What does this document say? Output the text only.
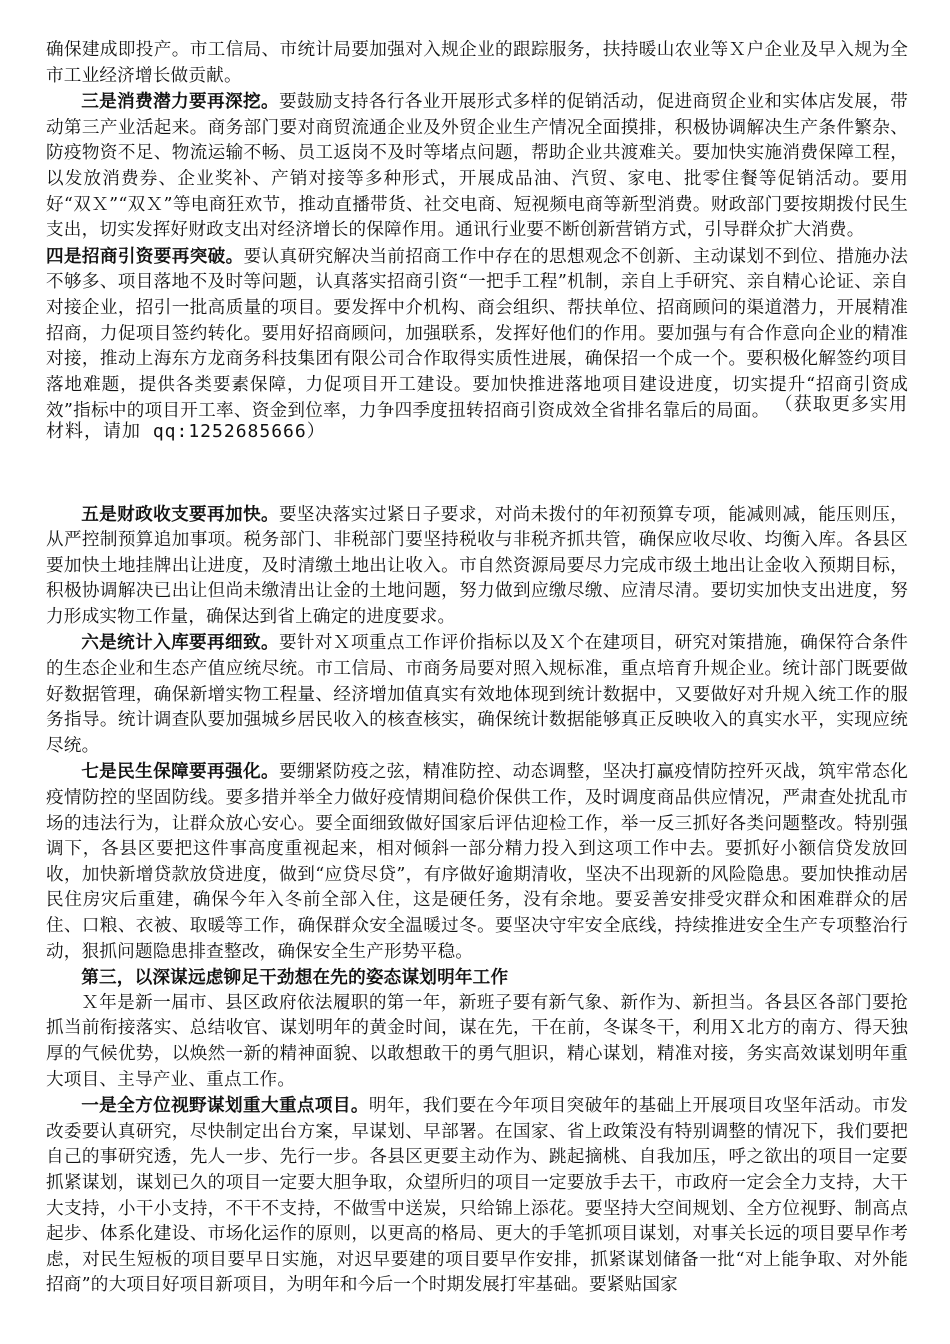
确保建成即投产。市工信局、市统计局要加强对入规企业的跟踪服务，扶持暖山农业等Ｘ户企业及早入规为全市工业经济增长做贡献。

三是消费潜力要再深挖。要鼓励支持各行各业开展形式多样的促销活动，促进商贸企业和实体店发展，带动第三产业活起来。商务部门要对商贸流通企业及外贸企业生产情况全面摸排，积极协调解决生产条件繁杂、防疫物资不足、物流运输不畅、员工返岗不及时等堵点问题，帮助企业共渡难关。要加快实施消费保障工程，以发放消费券、企业奖补、产销对接等多种形式，开展成品油、汽贸、家电、批零住餐等促销活动。要用好“双Ｘ”“双Ｘ”等电商狂欢节，推动直播带货、社交电商、短视频电商等新型消费。财政部门要按期拨付民生支出，切实发挥好财政支出对经济增长的保障作用。通讯行业要不断创新营销方式，引导群众扩大消费。

四是招商引资要再突破。要认真研究解决当前招商工作中存在的思想观念不创新、主动谋划不到位、措施办法不够多、项目落地不及时等问题，认真落实招商引资“一把手工程”机制，亲自上手研究、亲自精心论证、亲自对接企业，招引一批高质量的项目。要发挥中介机构、商会组织、帮扶单位、招商顾问的渠道潜力，开展精准招商，力促项目签约转化。要用好招商顾问，加强联系，发挥好他们的作用。要加强与有合作意向企业的精准对接，推动上海东方龙商务科技集团有限公司合作取得实质性进展，确保招一个成一个。要积极化解签约项目落地难题，提供各类要素保障，力促项目开工建设。要加快推进落地项目建设进度，切实提升“招商引资成效”指标中的项目开工率、资金到位率，力争四季度扭转招商引资成效全省排名靠后的局面。 （获取更多实用材料，请加 qq:1252685666）

五是财政收支要再加快。要坚决落实过紧日子要求，对尚未拨付的年初预算专项，能减则减，能压则压，从严控制预算追加事项。税务部门、非税部门要坚持税收与非税齐抓共管，确保应收尽收、均衡入库。各县区要加快土地挂牌出让进度，及时清缴土地出让收入。市自然资源局要尽力完成市级土地出让金收入预期目标，积极协调解决已出让但尚未缴清出让金的土地问题，努力做到应缴尽缴、应清尽清。要切实加快支出进度，努力形成实物工作量，确保达到省上确定的进度要求。

六是统计入库要再细致。要针对Ｘ项重点工作评价指标以及Ｘ个在建项目，研究对策措施，确保符合条件的生态企业和生态产值应统尽统。市工信局、市商务局要对照入规标准，重点培育升规企业。统计部门既要做好数据管理，确保新增实物工程量、经济增加值真实有效地体现到统计数据中，又要做好对升规入统工作的服务指导。统计调查队要加强城乡居民收入的核查核实，确保统计数据能够真正反映收入的真实水平，实现应统尽统。

七是民生保障要再强化。要绷紧防疫之弦，精准防控、动态调整，坚决打赢疫情防控歼灭战，筑牢常态化疫情防控的坚固防线。要多措并举全力做好疫情期间稳价保供工作，及时调度商品供应情况，严肃查处扰乱市场的违法行为，让群众放心安心。要全面细致做好国家后评估迎检工作，举一反三抓好各类问题整改。特别强调下，各县区要把这件事高度重视起来，相对倾斜一部分精力投入到这项工作中去。要抓好小额信贷发放回收，加快新增贷款放贷进度，做到“应贷尽贷”，有序做好逾期清收，坚决不出现新的风险隐患。要加快推动居民住房灾后重建，确保今年入冬前全部入住，这是硬任务，没有余地。要妥善安排受灾群众和困难群众的居住、口粮、衣被、取暖等工作，确保群众安全温暖过冬。要坚决守牢安全底线，持续推进安全生产专项整治行动，狠抓问题隐患排查整改，确保安全生产形势平稳。

第三，以深谋远虑铆足干劲想在先的姿态谋划明年工作

Ｘ年是新一届市、县区政府依法履职的第一年，新班子要有新气象、新作为、新担当。各县区各部门要抢抓当前衔接落实、总结收官、谋划明年的黄金时间，谋在先，干在前，冬谋冬干，利用Ｘ北方的南方、得天独厚的气候优势，以焕然一新的精神面貌、以敢想敢干的勇气胆识，精心谋划，精准对接，务实高效谋划明年重大项目、主导产业、重点工作。

一是全方位视野谋划重大重点项目。明年，我们要在今年项目突破年的基础上开展项目攻坚年活动。市发改委要认真研究，尽快制定出台方案，早谋划、早部署。在国家、省上政策没有特别调整的情况下，我们要把自己的事研究透，先人一步、先行一步。各县区更要主动作为、跳起摘桃、自我加压，呼之欲出的项目一定要抓紧谋划，谋划已久的项目一定要大胆争取，众望所归的项目一定要放手去干，市政府一定会全力支持，大干大支持，小干小支持，不干不支持，不做雪中送炭，只给锦上添花。要坚持大空间规划、全方位视野、制高点起步、体系化建设、市场化运作的原则，以更高的格局、更大的手笔抓项目谋划，对事关长远的项目要早作考虑，对民生短板的项目要早日实施，对迟早要建的项目要早作安排，抓紧谋划储备一批“对上能争取、对外能招商”的大项目好项目新项目，为明年和今后一个时期发展打牢基础。要紧贴国家
